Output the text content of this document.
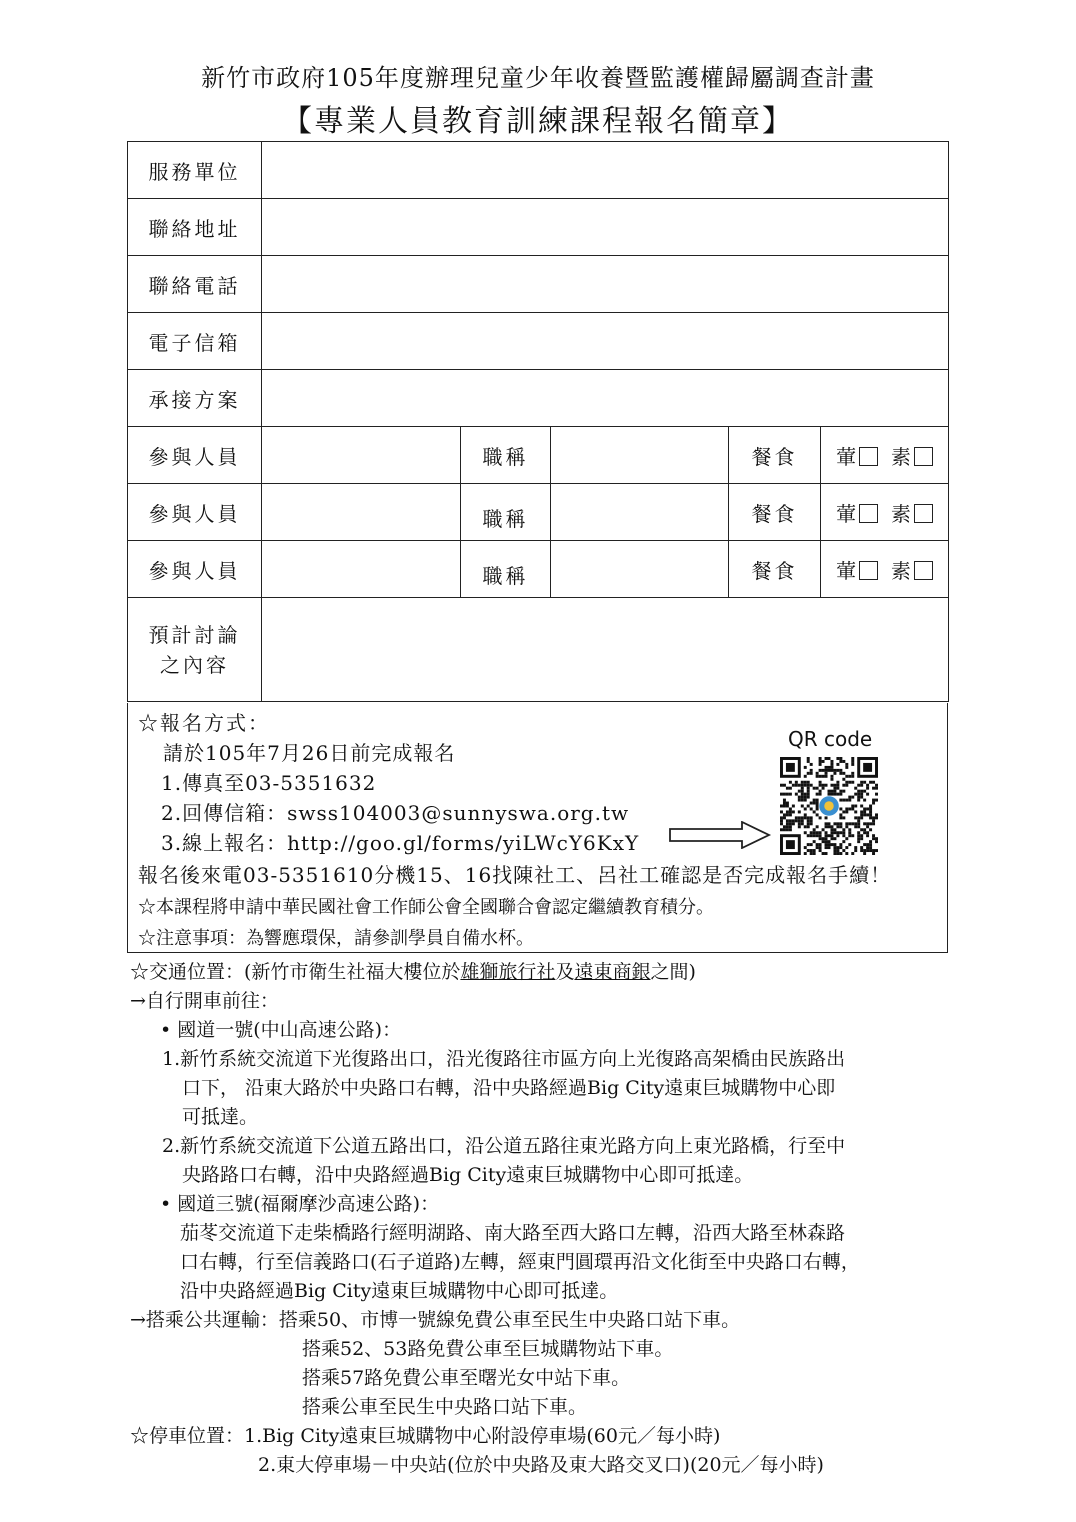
新竹市政府105年度辦理兒童少年收養暨監護權歸屬調查計畫
【專業人員教育訓練課程報名簡章】
服務單位					
聯絡地址					
聯絡電話					
電子信箱					
承接方案					
參與人員		職稱		餐食	葷 素
參與人員		職稱		餐食	葷 素
參與人員		職稱		餐食	葷 素

預計討論
之內容					

☆報名方式：
請於105年7月26日前完成報名
1.傳真至03-5351632
2.回傳信箱：swss104003@sunnyswa.org.tw
3.線上報名：http://goo.gl/forms/yiLWcY6KxY
QR code
報名後來電03-5351610分機15、16找陳社工、呂社工確認是否完成報名手續！
☆本課程將申請中華民國社會工作師公會全國聯合會認定繼續教育積分。
☆注意事項：為響應環保，請參訓學員自備水杯。
☆交通位置：(新竹市衛生社福大樓位於雄獅旅行社及遠東商銀之間)
→自行開車前往：
• 國道一號(中山高速公路)：
1.新竹系統交流道下光復路出口，沿光復路往市區方向上光復路高架橋由民族路出
口下， 沿東大路於中央路口右轉，沿中央路經過Big City遠東巨城購物中心即
可抵達。
2.新竹系統交流道下公道五路出口，沿公道五路往東光路方向上東光路橋，行至中
央路路口右轉，沿中央路經過Big City遠東巨城購物中心即可抵達。
• 國道三號(福爾摩沙高速公路)：
茄苳交流道下走柴橋路行經明湖路、南大路至西大路口左轉，沿西大路至林森路
口右轉，行至信義路口(石子道路)左轉，經東門圓環再沿文化街至中央路口右轉，
沿中央路經過Big City遠東巨城購物中心即可抵達。
→搭乘公共運輸：搭乘50、市博一號線免費公車至民生中央路口站下車。
搭乘52、53路免費公車至巨城購物站下車。
搭乘57路免費公車至曙光女中站下車。
搭乘公車至民生中央路口站下車。
☆停車位置：1.Big City遠東巨城購物中心附設停車場(60元／每小時)
2.東大停車場－中央站(位於中央路及東大路交叉口)(20元／每小時)
